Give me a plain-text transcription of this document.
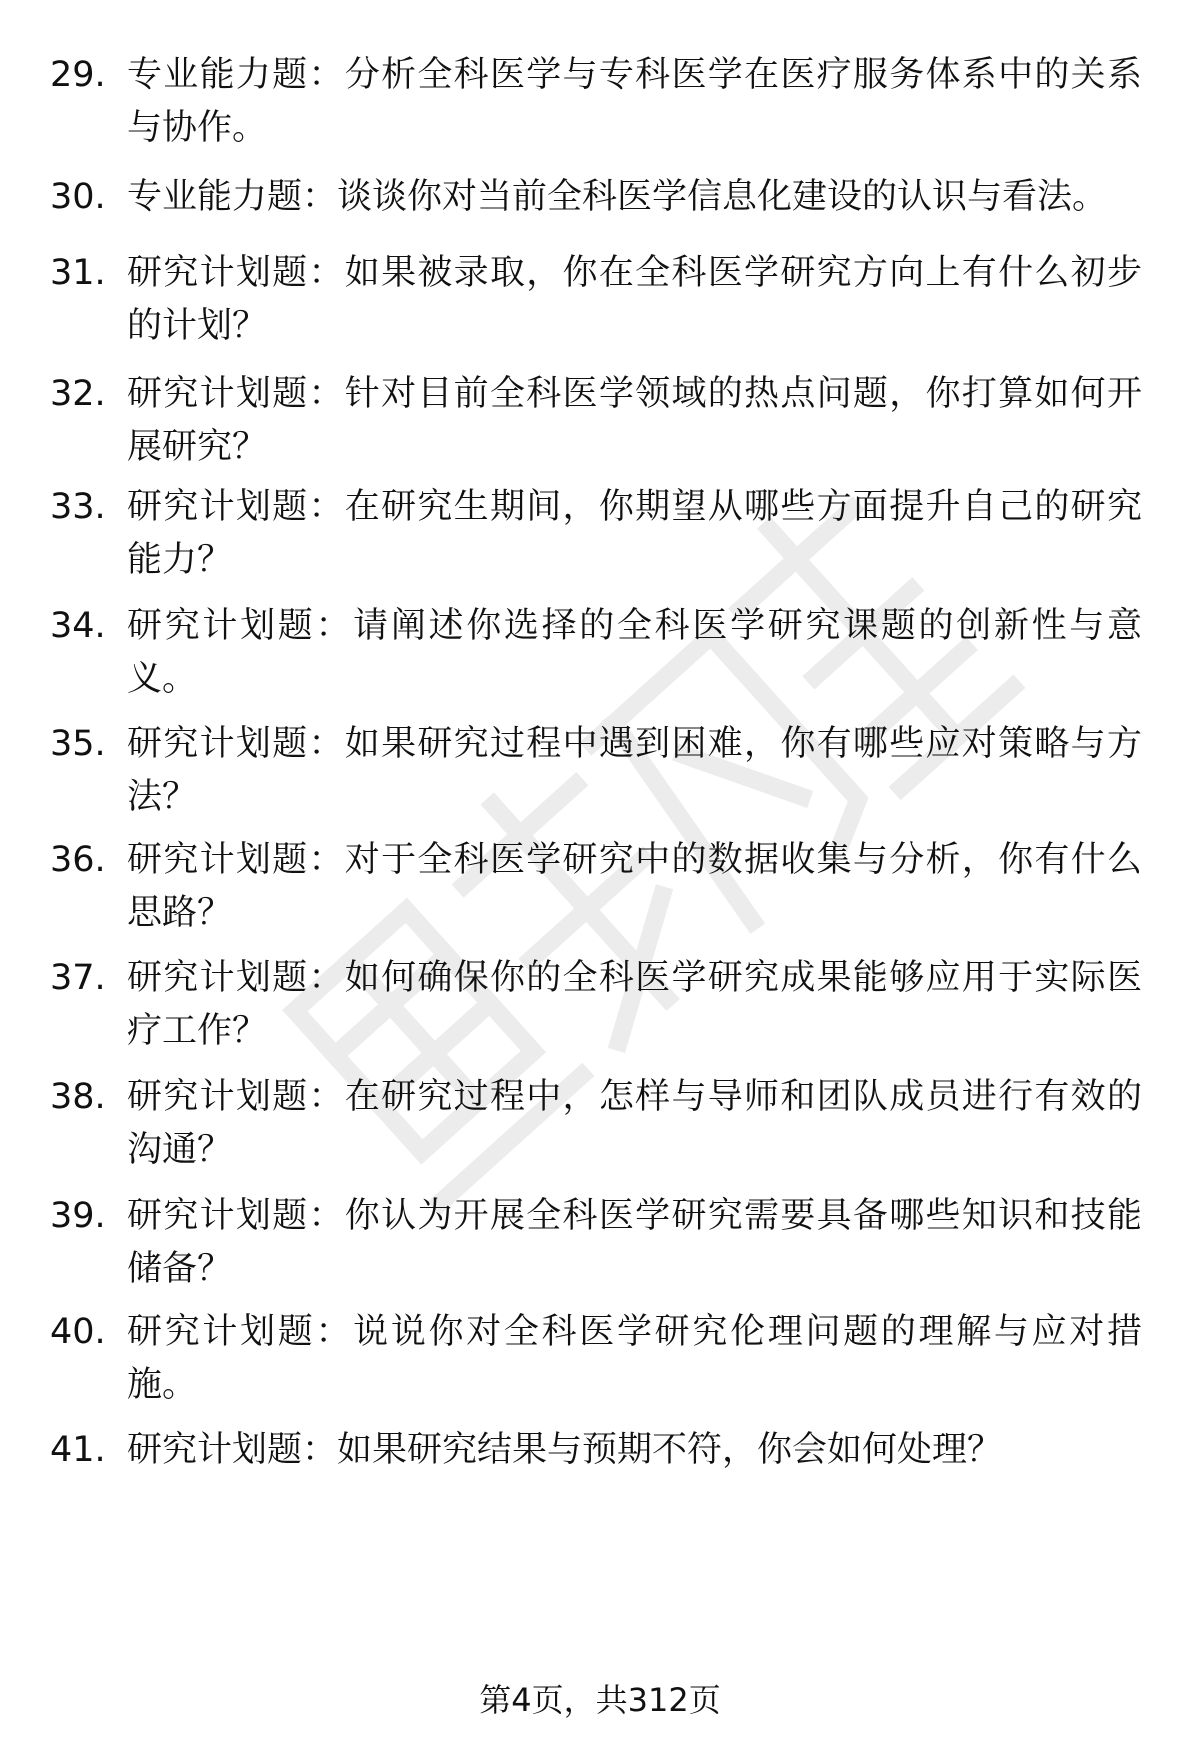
29. 专业能力题：分析全科医学与专科医学在医疗服务体系中的关系与协作。
30. 专业能力题：谈谈你对当前全科医学信息化建设的认识与看法。
31. 研究计划题：如果被录取，你在全科医学研究方向上有什么初步的计划？
32. 研究计划题：针对目前全科医学领域的热点问题，你打算如何开展研究？
33. 研究计划题：在研究生期间，你期望从哪些方面提升自己的研究能力？
34. 研究计划题：请阐述你选择的全科医学研究课题的创新性与意义。
35. 研究计划题：如果研究过程中遇到困难，你有哪些应对策略与方法？
36. 研究计划题：对于全科医学研究中的数据收集与分析，你有什么思路？
37. 研究计划题：如何确保你的全科医学研究成果能够应用于实际医疗工作？
38. 研究计划题：在研究过程中，怎样与导师和团队成员进行有效的沟通？
39. 研究计划题：你认为开展全科医学研究需要具备哪些知识和技能储备？
40. 研究计划题：说说你对全科医学研究伦理问题的理解与应对措施。
41. 研究计划题：如果研究结果与预期不符，你会如何处理？
第4页，共312页
